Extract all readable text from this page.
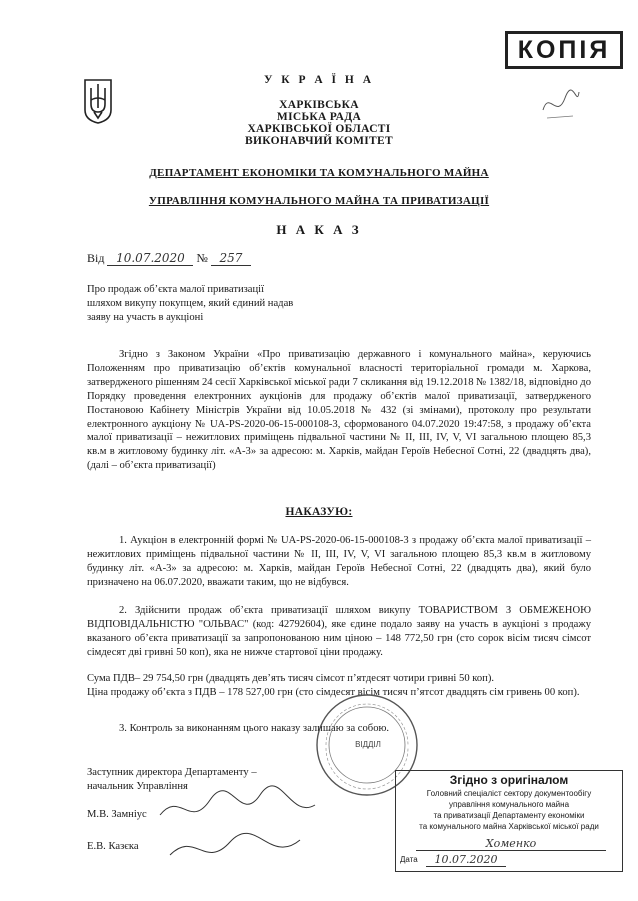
КОПІЯ
У К Р А Ї Н А
ХАРКІВСЬКА
МІСЬКА РАДА
ХАРКІВСЬКОЇ ОБЛАСТІ
ВИКОНАВЧИЙ КОМІТЕТ
ДЕПАРТАМЕНТ ЕКОНОМІКИ ТА КОМУНАЛЬНОГО МАЙНА
УПРАВЛІННЯ КОМУНАЛЬНОГО МАЙНА ТА ПРИВАТИЗАЦІЇ
Н А К А З
Від 10.07.2020 № 257
Про продаж об’єкта малої приватизації
шляхом викупу покупцем, який єдиний надав
заяву на участь в аукціоні
Згідно з Законом України «Про приватизацію державного і комунального майна», керуючись Положенням про приватизацію об’єктів комунальної власності територіальної громади м. Харкова, затвердженого рішенням 24 сесії Харківської міської ради 7 скликання від 19.12.2018 № 1382/18, відповідно до Порядку проведення електронних аукціонів для продажу об’єктів малої приватизації, затвердженого Постановою Кабінету Міністрів України від 10.05.2018 № 432 (зі змінами), протоколу про результати електронного аукціону № UA-PS-2020-06-15-000108-3, сформованого 04.07.2020 19:47:58, з продажу об’єкта малої приватизації – нежитлових приміщень підвальної частини № ІІ, ІІІ, ІV, V, VІ загальною площею 85,3 кв.м в житловому будинку літ. «А-3» за адресою: м. Харків, майдан Героїв Небесної Сотні, 22 (двадцять два), (далі – об’єкта приватизації)
НАКАЗУЮ:
1. Аукціон в електронній формі № UA-PS-2020-06-15-000108-3 з продажу об’єкта малої приватизації – нежитлових приміщень підвальної частини № ІІ, ІІІ, ІV, V, VІ загальною площею 85,3 кв.м в житловому будинку літ. «А-3» за адресою: м. Харків, майдан Героїв Небесної Сотні, 22 (двадцять два), який було призначено на 06.07.2020, вважати таким, що не відбувся.
2. Здійснити продаж об’єкта приватизації шляхом викупу ТОВАРИСТВОМ З ОБМЕЖЕНОЮ ВІДПОВІДАЛЬНІСТЮ "ОЛЬВАС" (код: 42792604), яке єдине подало заяву на участь в аукціоні з продажу вказаного об’єкта приватизації за запропонованою ним ціною – 148 772,50 грн (сто сорок вісім тисяч сімсот сімдесят дві гривні 50 коп), яка не нижче стартової ціни продажу.
Сума ПДВ– 29 754,50 грн (двадцять дев’ять тисяч сімсот п’ятдесят чотири гривні 50 коп).
Ціна продажу об’єкта з ПДВ – 178 527,00 грн (сто сімдесят вісім тисяч п’ятсот двадцять сім гривень 00 коп).
3. Контроль за виконанням цього наказу залишаю за собою.
Заступник директора Департаменту –
начальник Управління
М.В. Замніус
Е.В. Казєка
ВІДДІЛ
Згідно з оригіналом
Головний спеціаліст сектору документообігу
управління комунального майна
та приватизації Департаменту економіки
та комунального майна Харківської міської ради
Хоменко
Дата	10.07.2020
